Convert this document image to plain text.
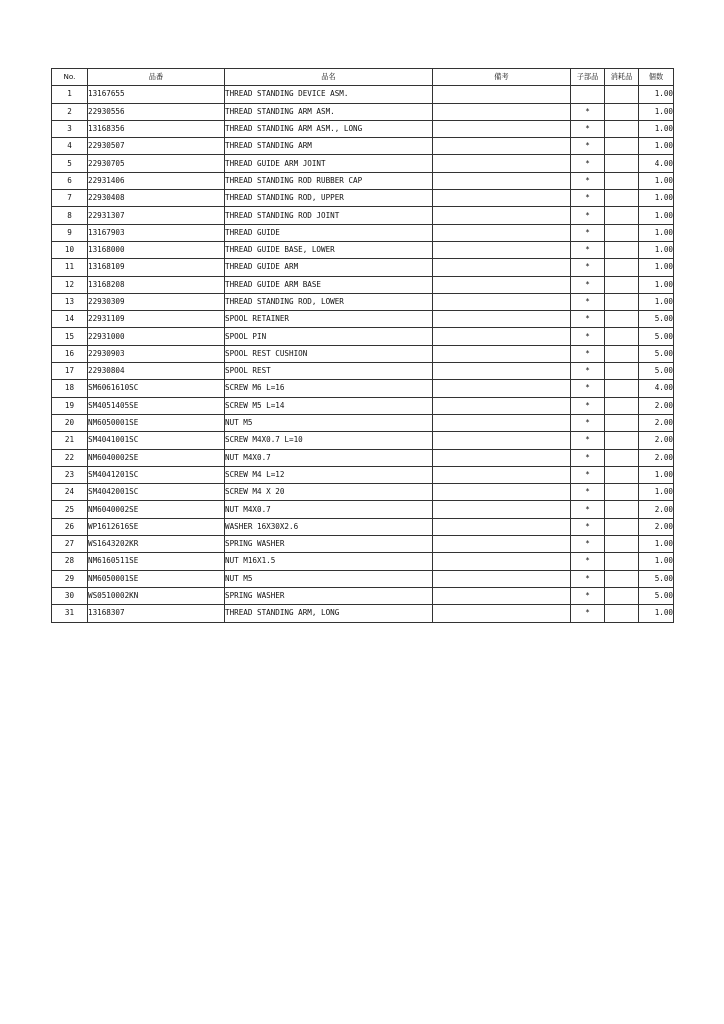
No.	品番	品名	備考	子部品	消耗品	個数
1	13167655	THREAD STANDING DEVICE ASM.				1.00
2	22930556	THREAD STANDING ARM ASM.		*		1.00
3	13168356	THREAD STANDING ARM ASM., LONG		*		1.00
4	22930507	THREAD STANDING ARM		*		1.00
5	22930705	THREAD GUIDE ARM JOINT		*		4.00
6	22931406	THREAD STANDING ROD RUBBER CAP		*		1.00
7	22930408	THREAD STANDING ROD, UPPER		*		1.00
8	22931307	THREAD STANDING ROD JOINT		*		1.00
9	13167903	THREAD GUIDE		*		1.00
10	13168000	THREAD GUIDE BASE, LOWER		*		1.00
11	13168109	THREAD GUIDE ARM		*		1.00
12	13168208	THREAD GUIDE ARM BASE		*		1.00
13	22930309	THREAD STANDING ROD, LOWER		*		1.00
14	22931109	SPOOL RETAINER		*		5.00
15	22931000	SPOOL PIN		*		5.00
16	22930903	SPOOL REST CUSHION		*		5.00
17	22930804	SPOOL REST		*		5.00
18	SM6061610SC	SCREW M6 L=16		*		4.00
19	SM4051405SE	SCREW M5 L=14		*		2.00
20	NM6050001SE	NUT M5		*		2.00
21	SM4041001SC	SCREW M4X0.7 L=10		*		2.00
22	NM6040002SE	NUT M4X0.7		*		2.00
23	SM4041201SC	SCREW M4 L=12		*		1.00
24	SM4042001SC	SCREW M4 X 20		*		1.00
25	NM6040002SE	NUT M4X0.7		*		2.00
26	WP1612616SE	WASHER 16X30X2.6		*		2.00
27	WS1643202KR	SPRING WASHER		*		1.00
28	NM6160511SE	NUT M16X1.5		*		1.00
29	NM6050001SE	NUT M5		*		5.00
30	WS0510002KN	SPRING WASHER		*		5.00
31	13168307	THREAD STANDING ARM, LONG		*		1.00
